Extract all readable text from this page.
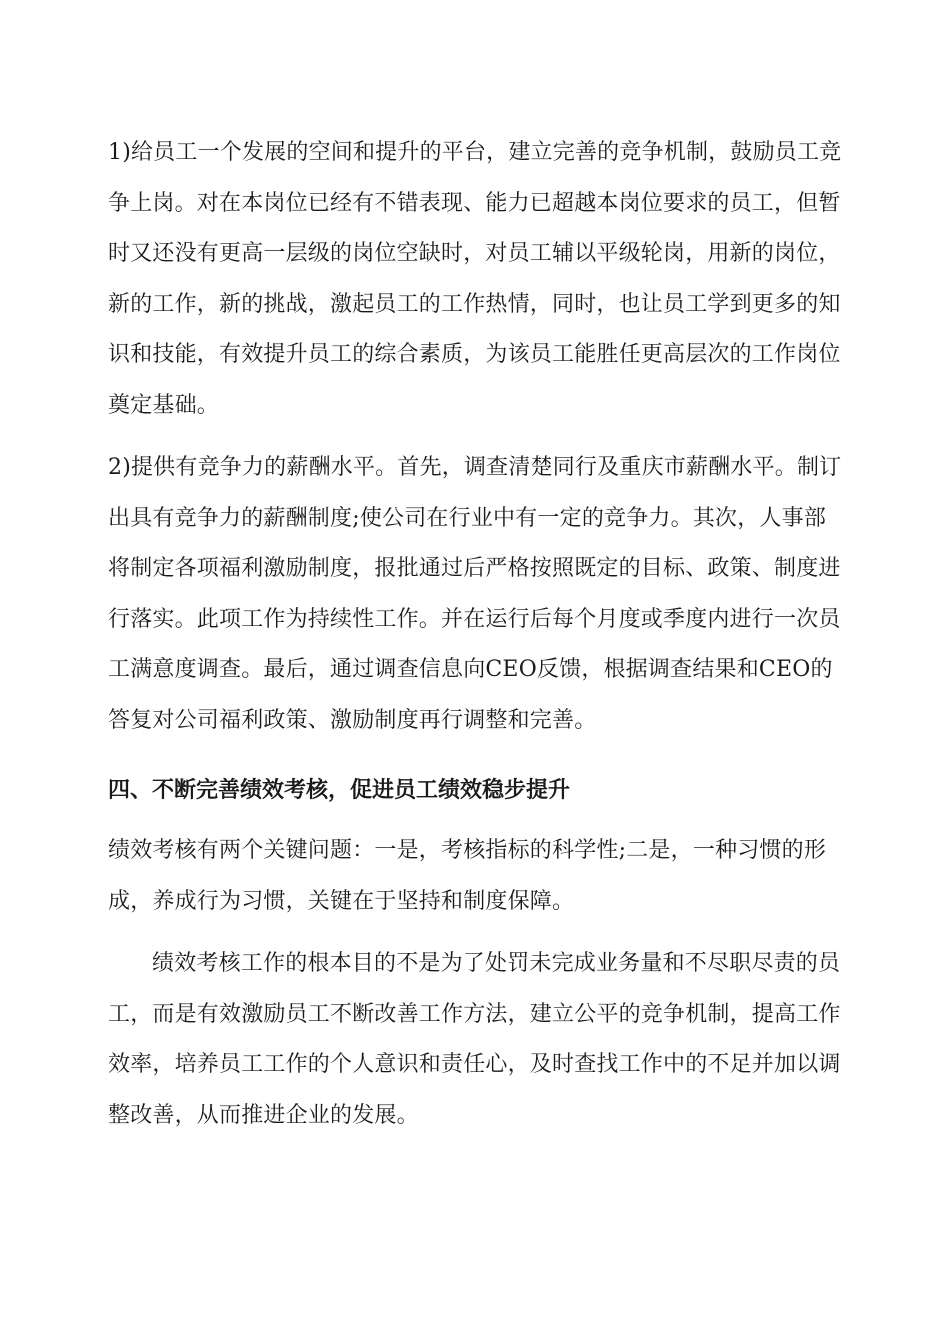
1)给员工一个发展的空间和提升的平台，建立完善的竞争机制，鼓励员工竞争上岗。对在本岗位已经有不错表现、能力已超越本岗位要求的员工，但暂时又还没有更高一层级的岗位空缺时，对员工辅以平级轮岗，用新的岗位，新的工作，新的挑战，激起员工的工作热情，同时，也让员工学到更多的知识和技能，有效提升员工的综合素质，为该员工能胜任更高层次的工作岗位奠定基础。

2)提供有竞争力的薪酬水平。首先，调查清楚同行及重庆市薪酬水平。制订出具有竞争力的薪酬制度;使公司在行业中有一定的竞争力。其次，人事部将制定各项福利激励制度，报批通过后严格按照既定的目标、政策、制度进行落实。此项工作为持续性工作。并在运行后每个月度或季度内进行一次员工满意度调查。最后，通过调查信息向CEO反馈，根据调查结果和CEO的答复对公司福利政策、激励制度再行调整和完善。

四、不断完善绩效考核，促进员工绩效稳步提升

绩效考核有两个关键问题：一是，考核指标的科学性;二是，一种习惯的形成，养成行为习惯，关键在于坚持和制度保障。

绩效考核工作的根本目的不是为了处罚未完成业务量和不尽职尽责的员工，而是有效激励员工不断改善工作方法，建立公平的竞争机制，提高工作效率，培养员工工作的个人意识和责任心，及时查找工作中的不足并加以调整改善，从而推进企业的发展。
